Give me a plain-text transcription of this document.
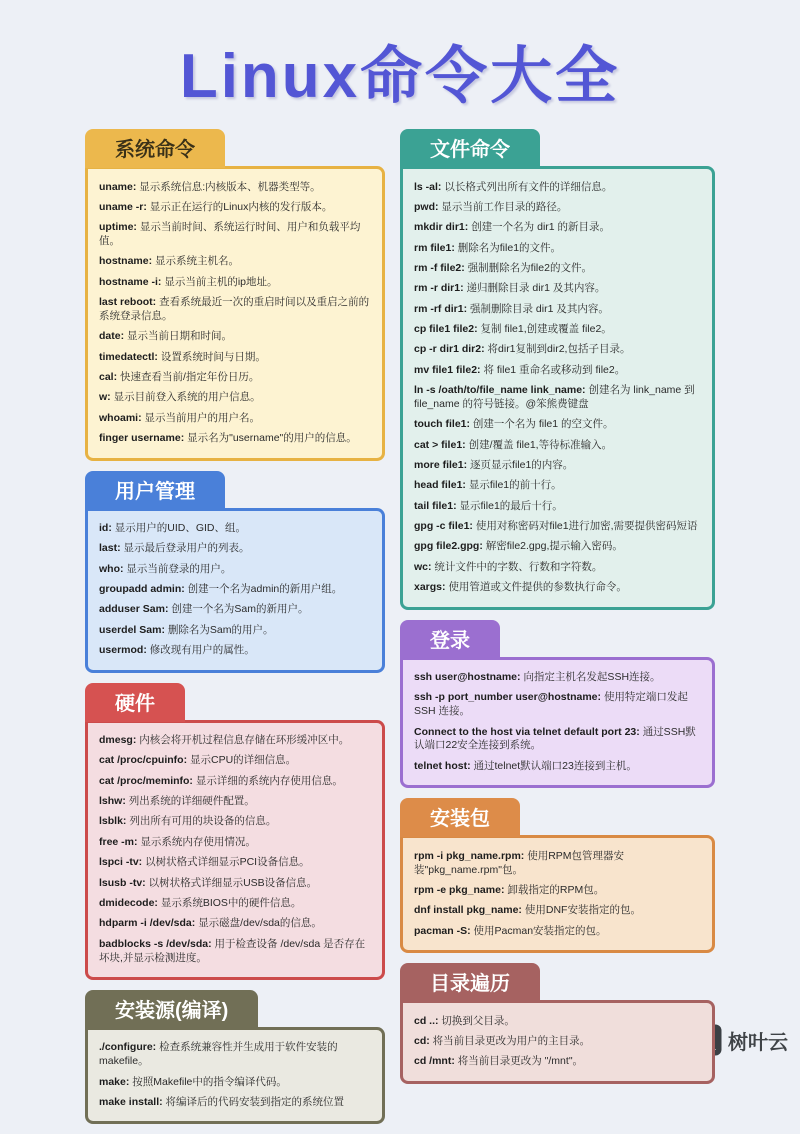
Linux命令大全
系统命令
uname: 显示系统信息:内核版本、机器类型等。
uname -r: 显示正在运行的Linux内核的发行版本。
uptime: 显示当前时间、系统运行时间、用户和负载平均值。
hostname: 显示系统主机名。
hostname -i: 显示当前主机的ip地址。
last reboot: 查看系统最近一次的重启时间以及重启之前的系统登录信息。
date: 显示当前日期和时间。
timedatectl: 设置系统时间与日期。
cal: 快速查看当前/指定年份日历。
w: 显示目前登入系统的用户信息。
whoami: 显示当前用户的用户名。
finger username: 显示名为"username"的用户的信息。
用户管理
id: 显示用户的UID、GID、组。
last: 显示最后登录用户的列表。
who: 显示当前登录的用户。
groupadd admin: 创建一个名为admin的新用户组。
adduser Sam: 创建一个名为Sam的新用户。
userdel Sam: 删除名为Sam的用户。
usermod: 修改现有用户的属性。
硬件
dmesg: 内核会将开机过程信息存储在环形缓冲区中。
cat /proc/cpuinfo: 显示CPU的详细信息。
cat /proc/meminfo: 显示详细的系统内存使用信息。
lshw: 列出系统的详细硬件配置。
lsblk: 列出所有可用的块设备的信息。
free -m: 显示系统内存使用情况。
lspci -tv: 以树状格式详细显示PCI设备信息。
lsusb -tv: 以树状格式详细显示USB设备信息。
dmidecode: 显示系统BIOS中的硬件信息。
hdparm -i /dev/sda: 显示磁盘/dev/sda的信息。
badblocks -s /dev/sda: 用于检查设备 /dev/sda 是否存在坏块,并显示检测进度。
安装源(编译)
./configure: 检查系统兼容性并生成用于软件安装的makefile。
make: 按照Makefile中的指令编译代码。
make install: 将编译后的代码安装到指定的系统位置
文件命令
ls -al: 以长格式列出所有文件的详细信息。
pwd: 显示当前工作目录的路径。
mkdir dir1: 创建一个名为 dir1 的新目录。
rm file1: 删除名为file1的文件。
rm -f file2: 强制删除名为file2的文件。
rm -r dir1: 递归删除目录 dir1 及其内容。
rm -rf dir1: 强制删除目录 dir1 及其内容。
cp file1 file2: 复制 file1,创建或覆盖 file2。
cp -r dir1 dir2: 将dir1复制到dir2,包括子目录。
mv file1 file2: 将 file1 重命名或移动到 file2。
ln -s /oath/to/file_name link_name: 创建名为 link_name 到 file_name 的符号链接。@笨熊费键盘
touch file1: 创建一个名为 file1 的空文件。
cat > file1: 创建/覆盖 file1,等待标准输入。
more file1: 逐页显示file1的内容。
head file1: 显示file1的前十行。
tail file1: 显示file1的最后十行。
gpg -c file1: 使用对称密码对file1进行加密,需要提供密码短语
gpg file2.gpg: 解密file2.gpg,提示输入密码。
wc: 统计文件中的字数、行数和字符数。
xargs: 使用管道或文件提供的参数执行命令。
登录
ssh user@hostname: 向指定主机名发起SSH连接。
ssh -p port_number user@hostname: 使用特定端口发起 SSH 连接。
Connect to the host via telnet default port 23: 通过SSH默认端口22安全连接到系统。
telnet host: 通过telnet默认端口23连接到主机。
安装包
rpm -i pkg_name.rpm: 使用RPM包管理器安装"pkg_name.rpm"包。
rpm -e pkg_name: 卸载指定的RPM包。
dnf install pkg_name: 使用DNF安装指定的包。
pacman -S: 使用Pacman安装指定的包。
目录遍历
cd ..: 切换到父目录。
cd: 将当前目录更改为用户的主目录。
cd /mnt: 将当前目录更改为 "/mnt"。
树叶云
